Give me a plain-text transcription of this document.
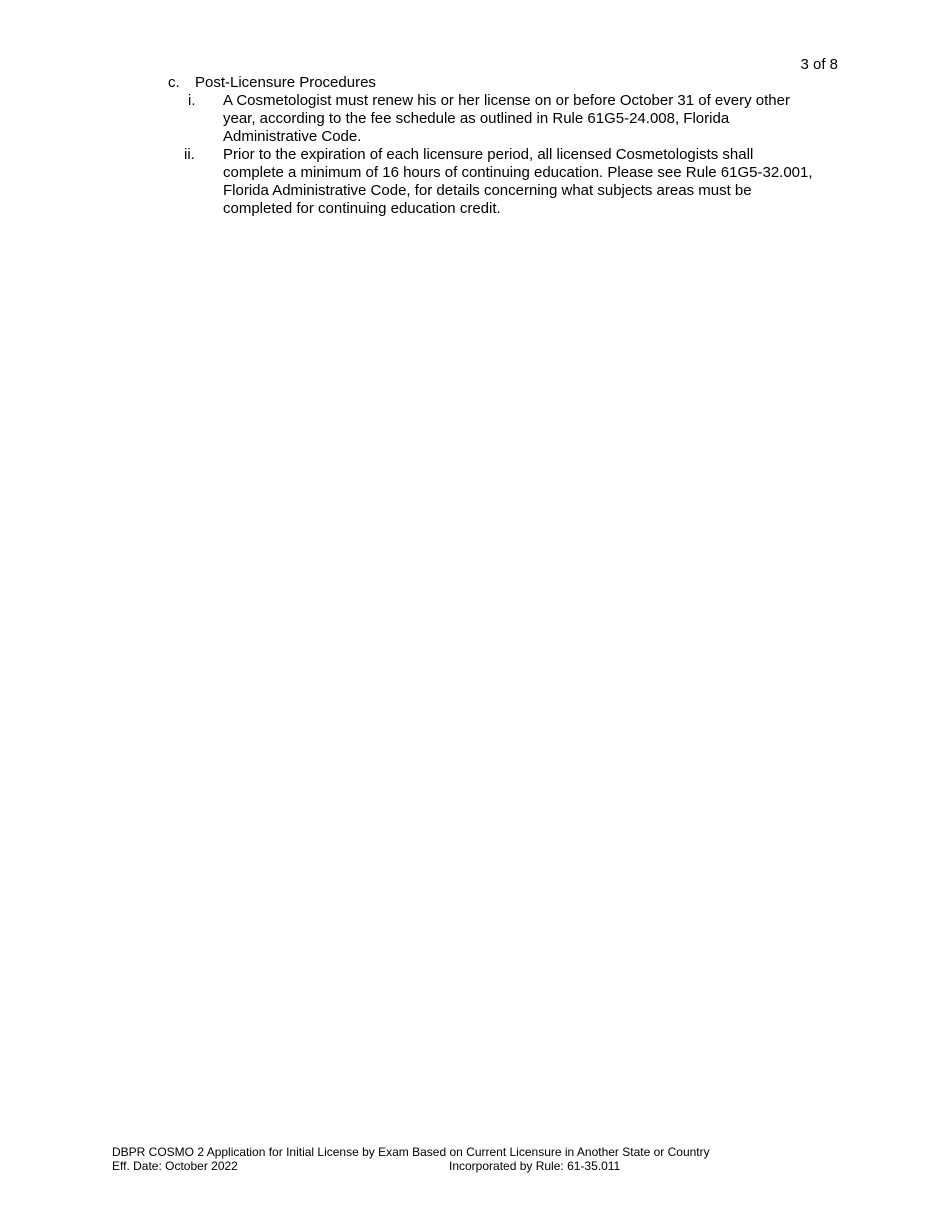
3 of 8
c.	Post-Licensure Procedures
i.	A Cosmetologist must renew his or her license on or before October 31 of every other
year, according to the fee schedule as outlined in Rule 61G5-24.008, Florida
Administrative Code.
ii.	Prior to the expiration of each licensure period, all licensed Cosmetologists shall
complete a minimum of 16 hours of continuing education. Please see Rule 61G5-32.001,
Florida Administrative Code, for details concerning what subjects areas must be
completed for continuing education credit.
DBPR COSMO 2 Application for Initial License by Exam Based on Current Licensure in Another State or Country
Eff. Date: October 2022	Incorporated by Rule: 61-35.011
